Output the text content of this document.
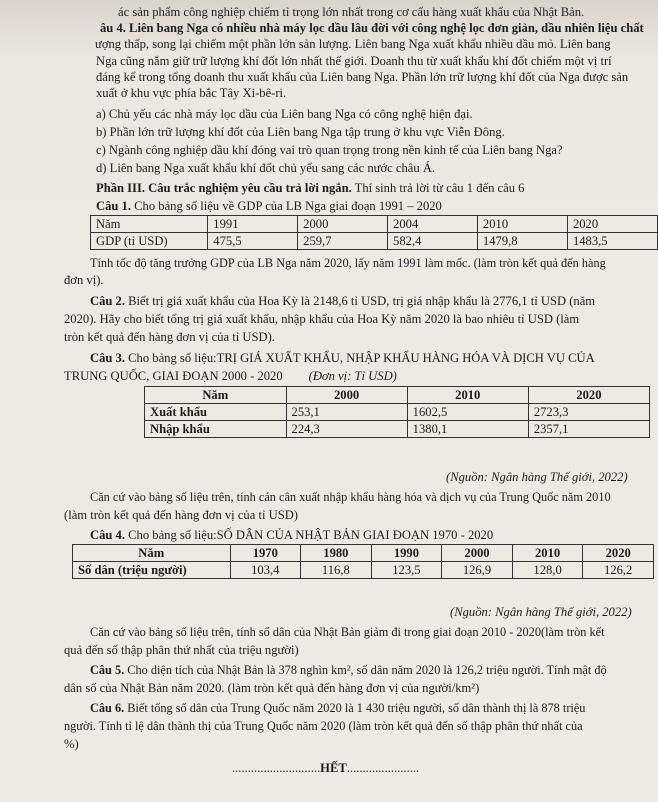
ác sản phẩm công nghiệp chiếm tỉ trọng lớn nhất trong cơ cấu hàng xuất khẩu của Nhật Bản.
âu 4. Liên bang Nga có nhiều nhà máy lọc dầu lâu đời với công nghệ lọc đơn giản, dầu nhiên liệu chất
ượng thấp, song lại chiếm một phần lớn sản lượng. Liên bang Nga xuất khẩu nhiều dầu mỏ. Liên bang
Nga cũng nắm giữ trữ lượng khí đốt lớn nhất thế giới. Doanh thu từ xuất khẩu khí đốt chiếm một vị trí
đáng kể trong tổng doanh thu xuất khẩu của Liên bang Nga. Phần lớn trữ lượng khí đốt của Nga được sản
xuất ở khu vực phía bắc Tây Xi-bê-ri.
a) Chủ yếu các nhà máy lọc dầu của Liên bang Nga có công nghệ hiện đại.
b) Phần lớn trữ lượng khí đốt của Liên bang Nga tập trung ở khu vực Viễn Đông.
c) Ngành công nghiệp dầu khí đóng vai trò quan trọng trong nền kinh tế của Liên bang Nga?
d) Liên bang Nga xuất khẩu khí đốt chủ yếu sang các nước châu Á.
Phần III. Câu trắc nghiệm yêu cầu trả lời ngắn. Thí sinh trả lời từ câu 1 đến câu 6
Câu 1. Cho bảng số liệu về GDP của LB Nga giai đoạn 1991 – 2020
Năm	1991	2000	2004	2010	2020
GDP (tỉ USD)	475,5	259,7	582,4	1479,8	1483,5
Tính tốc độ tăng trưởng GDP của LB Nga năm 2020, lấy năm 1991 làm mốc. (làm tròn kết quả đến hàng
đơn vị).
Câu 2. Biết trị giá xuất khẩu của Hoa Kỳ là 2148,6 tỉ USD, trị giá nhập khẩu là 2776,1 tỉ USD (năm
2020). Hãy cho biết tổng trị giá xuất khẩu, nhập khẩu của Hoa Kỳ năm 2020 là bao nhiêu tỉ USD (làm
tròn kết quả đến hàng đơn vị của tỉ USD).
Câu 3. Cho bảng số liệu:TRỊ GIÁ XUẤT KHẨU, NHẬP KHẨU HÀNG HÓA VÀ DỊCH VỤ CỦA
TRUNG QUỐC, GIAI ĐOẠN 2000 - 2020 (Đơn vị: Tỉ USD)
Năm	2000	2010	2020
Xuất khẩu	253,1	1602,5	2723,3
Nhập khẩu	224,3	1380,1	2357,1
(Nguồn: Ngân hàng Thế giới, 2022)
Căn cứ vào bảng số liệu trên, tính cán cân xuất nhập khẩu hàng hóa và dịch vụ của Trung Quốc năm 2010
(làm tròn kết quả đến hàng đơn vị của tỉ USD)
Câu 4. Cho bảng số liệu:SỐ DÂN CỦA NHẬT BẢN GIAI ĐOẠN 1970 - 2020
Năm	1970	1980	1990	2000	2010	2020
Số dân (triệu người)	103,4	116,8	123,5	126,9	128,0	126,2
(Nguồn: Ngân hàng Thế giới, 2022)
Căn cứ vào bảng số liệu trên, tính số dân của Nhật Bản giảm đi trong giai đoạn 2010 - 2020(làm tròn kết
quả đến số thập phân thứ nhất của triệu người)
Câu 5. Cho diện tích của Nhật Bản là 378 nghìn km², số dân năm 2020 là 126,2 triệu người. Tính mật độ
dân số của Nhật Bản năm 2020. (làm tròn kết quả đến hàng đơn vị của người/km²)
Câu 6. Biết tổng số dân của Trung Quốc năm 2020 là 1 430 triệu người, số dân thành thị là 878 triệu
người. Tính tỉ lệ dân thành thị của Trung Quốc năm 2020 (làm tròn kết quả đến số thập phân thứ nhất của
%)
............................HẾT.......................
